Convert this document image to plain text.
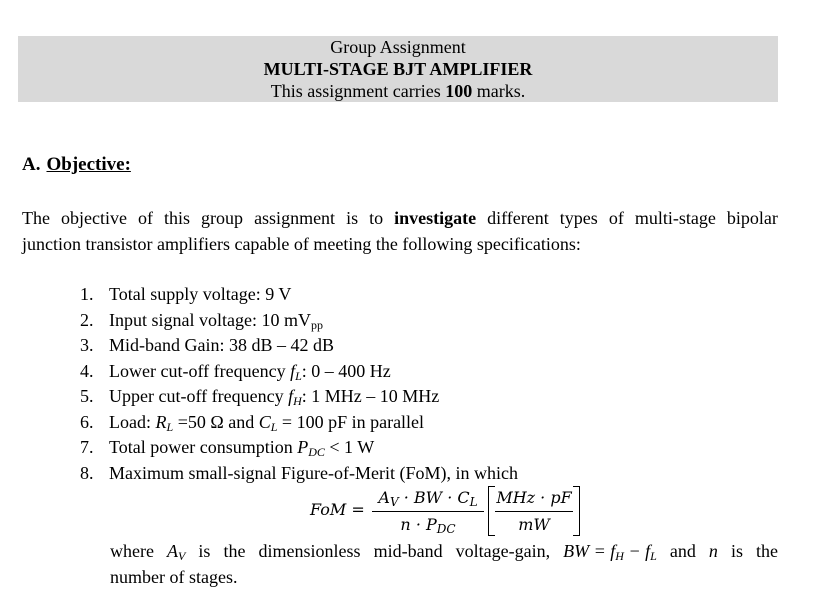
Group Assignment
MULTI-STAGE BJT AMPLIFIER
This assignment carries 100 marks.
A. Objective:
The objective of this group assignment is to investigate different types of multi-stage bipolar
junction transistor amplifiers capable of meeting the following specifications:
1. Total supply voltage: 9 V
2. Input signal voltage: 10 $mV_{pp}$
3. Mid-band Gain: 38 dB – 42 dB
4. Lower cut-off frequency $f_L$: 0 – 400 Hz
5. Upper cut-off frequency $f_H$: 1 MHz – 10 MHz
6. Load: $R_L =50$ Ω and $C_L = 100$ pF in parallel
7. Total power consumption $P_{DC} < 1$ W
8. Maximum small-signal Figure-of-Merit (FoM), in which
FoM =
$A_V$ · BW · $C_L$
$n \cdot P_{DC}$
MHz · pF
mW
where $A_V$ is the dimensionless mid-band voltage-gain, BW = $f_H - f_L$ and n is the
number of stages.
